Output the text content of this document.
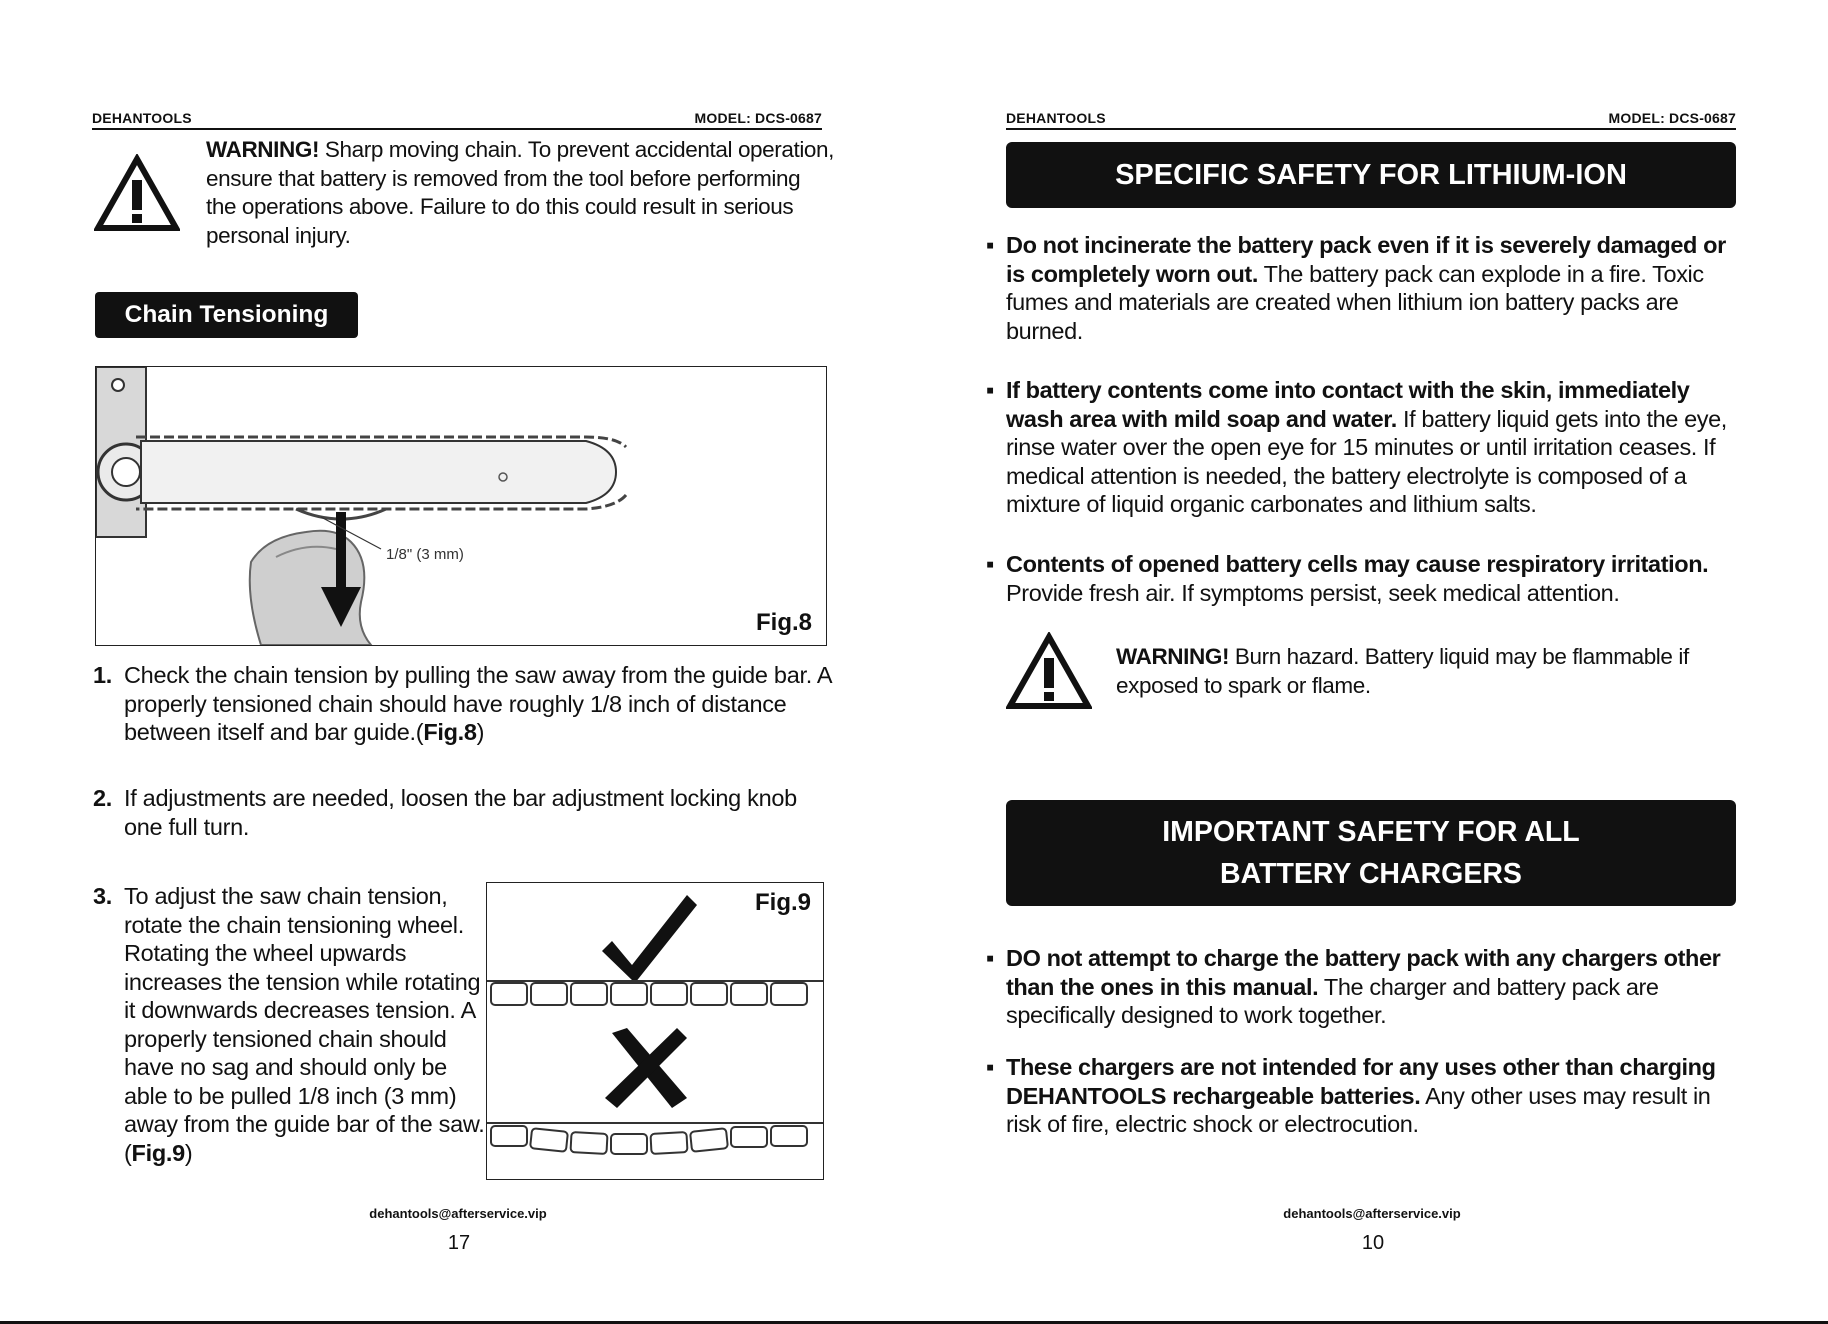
DEHANTOOLS	MODEL: DCS-0687
WARNING! Sharp moving chain. To prevent accidental operation, ensure that battery is removed from the tool before performing the operations above. Failure to do this could result in serious personal injury.
Chain Tensioning
1/8" (3 mm)
Fig.8
1. Check the chain tension by pulling the saw away from the guide bar. A properly tensioned chain should have roughly 1/8 inch of distance between itself and bar guide.(Fig.8)
2. If adjustments are needed, loosen the bar adjustment locking knob one full turn.
3. To adjust the saw chain tension, rotate the chain tensioning wheel. Rotating the wheel upwards increases the tension while rotating it downwards decreases tension. A properly tensioned chain should have no sag and should only be able to be pulled 1/8 inch (3 mm) away from the guide bar of the saw.(Fig.9)
Fig.9
dehantools@afterservice.vip
17
DEHANTOOLS	MODEL: DCS-0687
SPECIFIC SAFETY FOR LITHIUM-ION
▪ Do not incinerate the battery pack even if it is severely damaged or is completely worn out. The battery pack can explode in a fire. Toxic fumes and materials are created when lithium ion battery packs are burned.
▪ If battery contents come into contact with the skin, immediately wash area with mild soap and water. If battery liquid gets into the eye, rinse water over the open eye for 15 minutes or until irritation ceases. If medical attention is needed, the battery electrolyte is composed of a mixture of liquid organic carbonates and lithium salts.
▪ Contents of opened battery cells may cause respiratory irritation. Provide fresh air. If symptoms persist, seek medical attention.
WARNING! Burn hazard. Battery liquid may be flammable if exposed to spark or flame.
IMPORTANT SAFETY FOR ALL
BATTERY CHARGERS
▪ DO not attempt to charge the battery pack with any chargers other than the ones in this manual. The charger and battery pack are specifically designed to work together.
▪ These chargers are not intended for any uses other than charging DEHANTOOLS rechargeable batteries. Any other uses may result in risk of fire, electric shock or electrocution.
dehantools@afterservice.vip
10
